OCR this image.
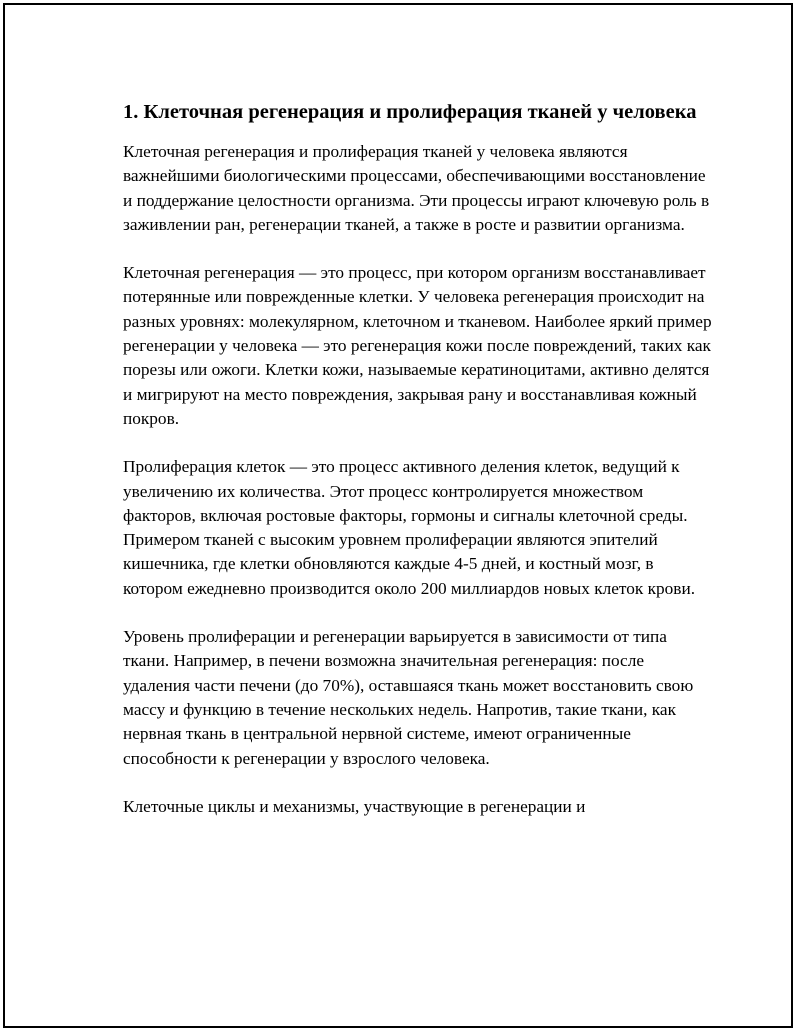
1. Клеточная регенерация и пролиферация тканей у человека

Клеточная регенерация и пролиферация тканей у человека являются важнейшими биологическими процессами, обеспечивающими восстановление и поддержание целостности организма. Эти процессы играют ключевую роль в заживлении ран, регенерации тканей, а также в росте и развитии организма.

Клеточная регенерация — это процесс, при котором организм восстанавливает потерянные или поврежденные клетки. У человека регенерация происходит на разных уровнях: молекулярном, клеточном и тканевом. Наиболее яркий пример регенерации у человека — это регенерация кожи после повреждений, таких как порезы или ожоги. Клетки кожи, называемые кератиноцитами, активно делятся и мигрируют на место повреждения, закрывая рану и восстанавливая кожный покров.

Пролиферация клеток — это процесс активного деления клеток, ведущий к увеличению их количества. Этот процесс контролируется множеством факторов, включая ростовые факторы, гормоны и сигналы клеточной среды. Примером тканей с высоким уровнем пролиферации являются эпителий кишечника, где клетки обновляются каждые 4-5 дней, и костный мозг, в котором ежедневно производится около 200 миллиардов новых клеток крови.

Уровень пролиферации и регенерации варьируется в зависимости от типа ткани. Например, в печени возможна значительная регенерация: после удаления части печени (до 70%), оставшаяся ткань может восстановить свою массу и функцию в течение нескольких недель. Напротив, такие ткани, как нервная ткань в центральной нервной системе, имеют ограниченные способности к регенерации у взрослого человека.

Клеточные циклы и механизмы, участвующие в регенерации и
